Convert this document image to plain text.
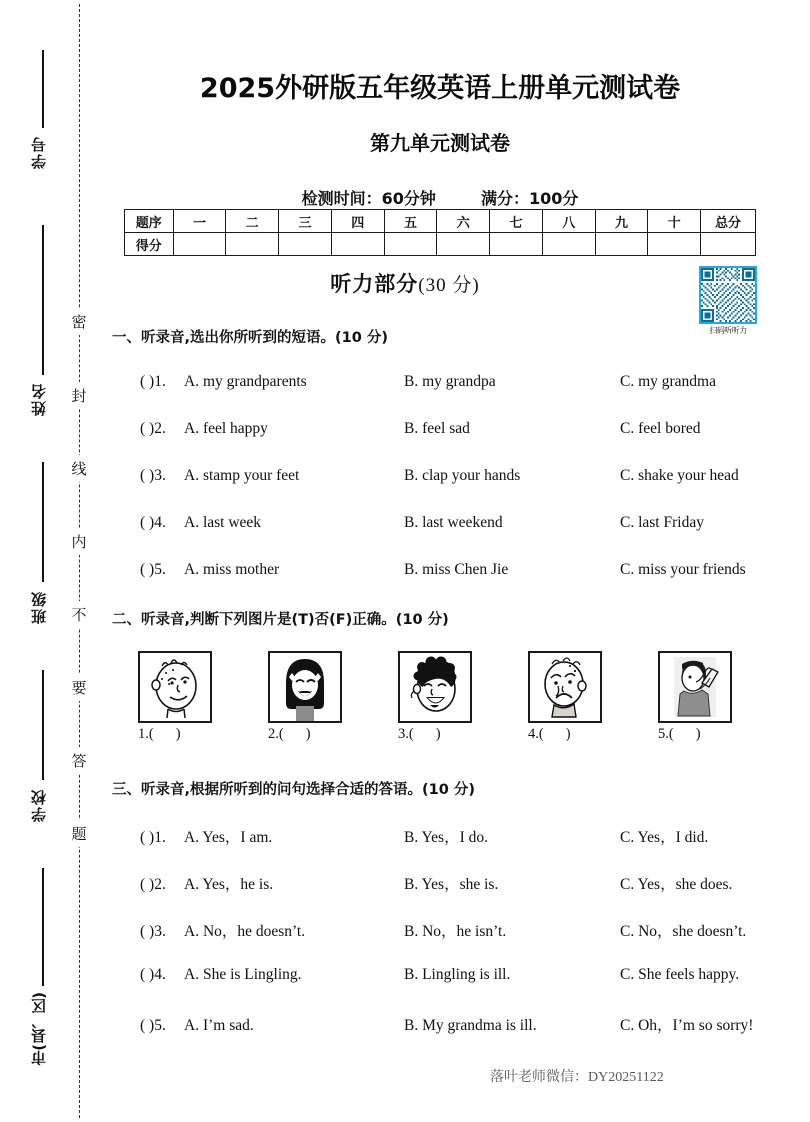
学号
姓名
班级
学校
市(县、区)
密
封
线
内
不
要
答
题
2025外研版五年级英语上册单元测试卷
第九单元测试卷
检测时间：60分钟	满分：100分
题序	一	二	三	四	五	六	七	八	九	十	总分
得分											
听力部分(30 分)
扫码听听力
一、听录音,选出你所听到的短语。(10 分)
( )1. A. my grandparents	B. my grandpa	C. my grandma
( )2. A. feel happy	B. feel sad	C. feel bored
( )3. A. stamp your feet	B. clap your hands	C. shake your head
( )4. A. last week	B. last weekend	C. last Friday
( )5. A. miss mother	B. miss Chen Jie	C. miss your friends
二、听录音,判断下列图片是(T)否(F)正确。(10 分)
1.( )	2.( )	3.( )	4.( )	5.( )
三、听录音,根据所听到的问句选择合适的答语。(10 分)
( )1. A. Yes，I am.	B. Yes，I do.	C. Yes，I did.
( )2. A. Yes，he is.	B. Yes，she is.	C. Yes，she does.
( )3. A. No，he doesn’t.	B. No，he isn’t.	C. No，she doesn’t.
( )4. A. She is Lingling.	B. Lingling is ill.	C. She feels happy.
( )5. A. I’m sad.	B. My grandma is ill.	C. Oh，I’m so sorry!
落叶老师微信：DY20251122
